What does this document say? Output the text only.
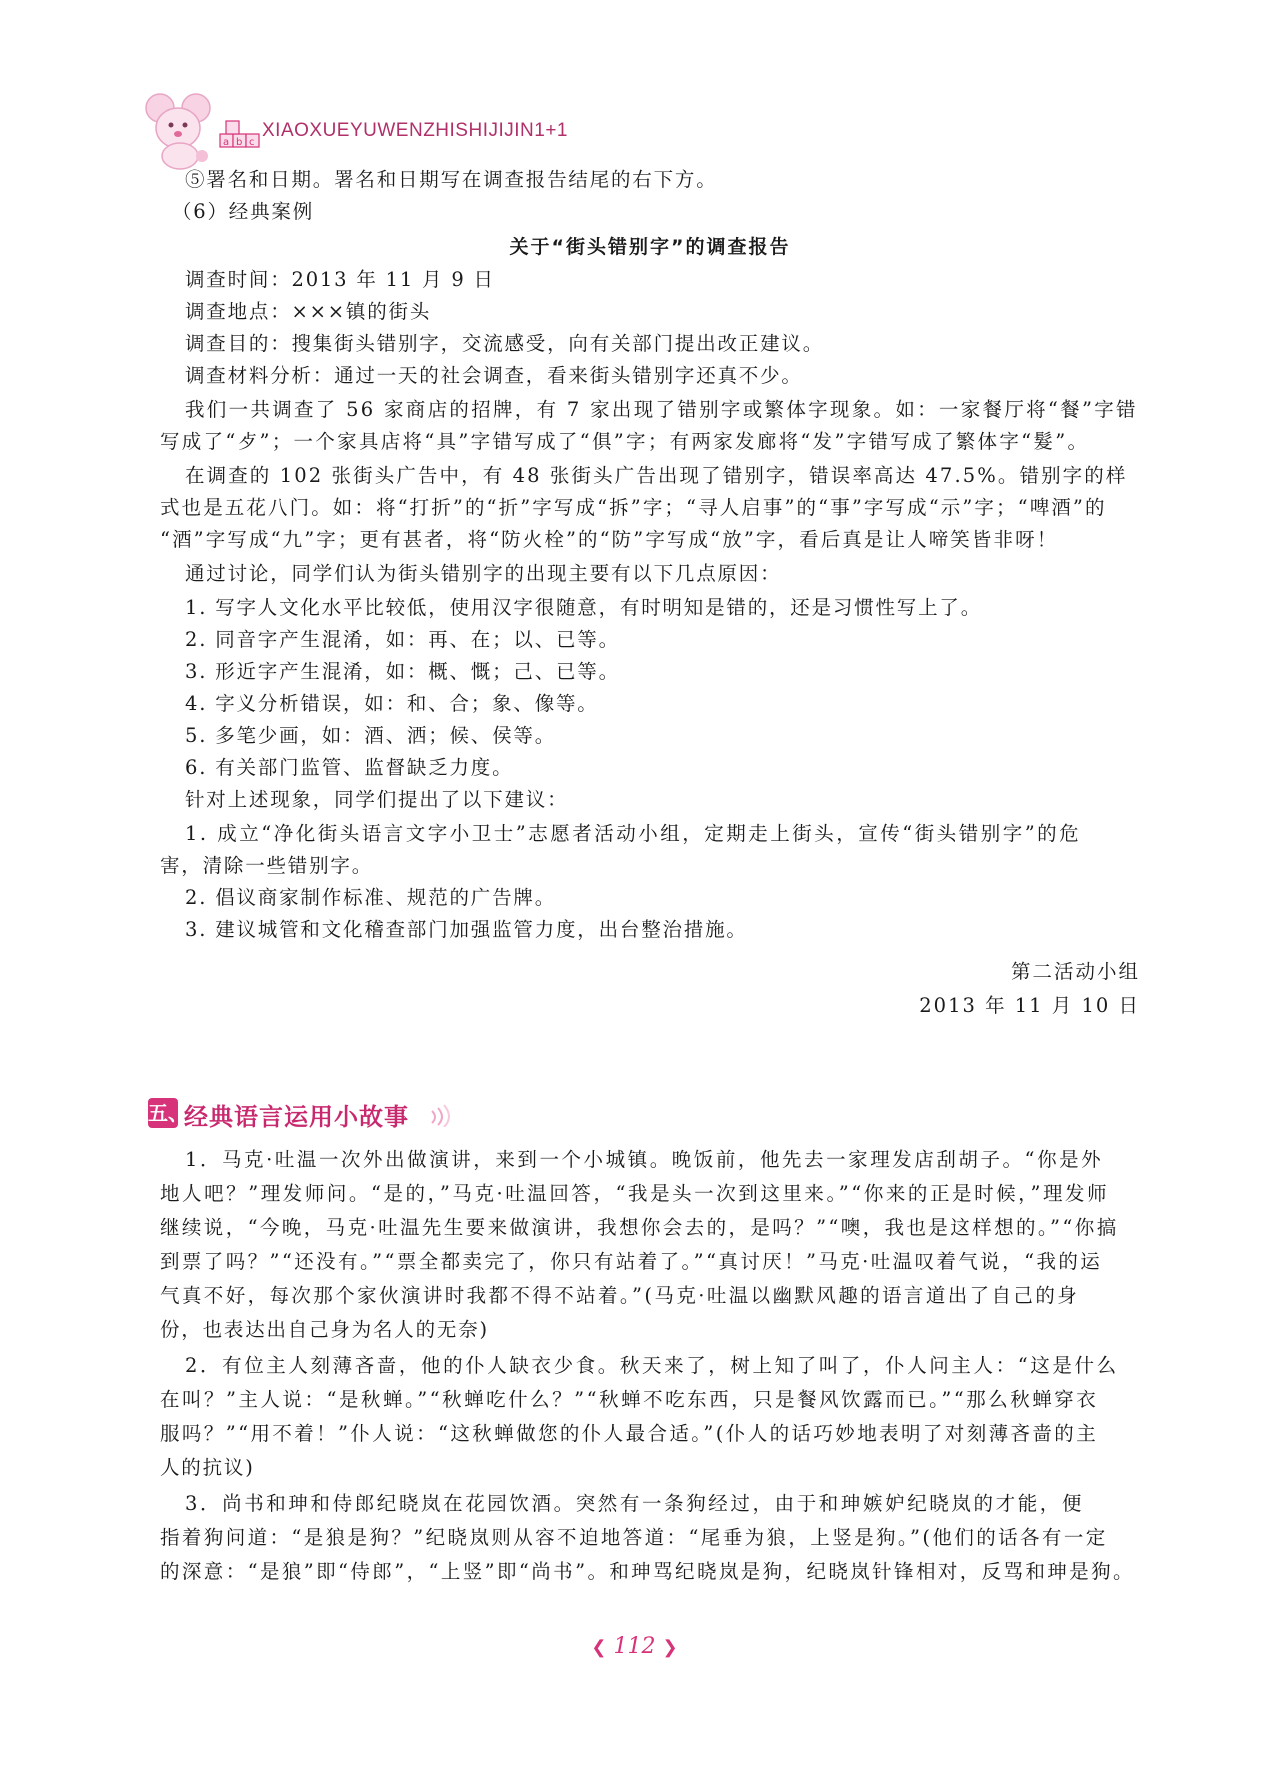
a b c
XIAOXUEYUWENZHISHIJIJIN1+1
⑤署名和日期。署名和日期写在调查报告结尾的右下方。
（6）经典案例
关于“街头错别字”的调查报告
调查时间：2013 年 11 月 9 日
调查地点：×××镇的街头
调查目的：搜集街头错别字，交流感受，向有关部门提出改正建议。
调查材料分析：通过一天的社会调查，看来街头错别字还真不少。
我们一共调查了 56 家商店的招牌，有 7 家出现了错别字或繁体字现象。如：一家餐厅将“餐”字错
写成了“歺”；一个家具店将“具”字错写成了“俱”字；有两家发廊将“发”字错写成了繁体字“髮”。
在调查的 102 张街头广告中，有 48 张街头广告出现了错别字，错误率高达 47.5%。错别字的样
式也是五花八门。如：将“打折”的“折”字写成“拆”字；“寻人启事”的“事”字写成“示”字；“啤酒”的
“酒”字写成“九”字；更有甚者，将“防火栓”的“防”字写成“放”字，看后真是让人啼笑皆非呀！
通过讨论，同学们认为街头错别字的出现主要有以下几点原因：
1. 写字人文化水平比较低，使用汉字很随意，有时明知是错的，还是习惯性写上了。
2. 同音字产生混淆，如：再、在；以、已等。
3. 形近字产生混淆，如：概、慨；己、已等。
4. 字义分析错误，如：和、合；象、像等。
5. 多笔少画，如：酒、洒；候、侯等。
6. 有关部门监管、监督缺乏力度。
针对上述现象，同学们提出了以下建议：
1. 成立“净化街头语言文字小卫士”志愿者活动小组，定期走上街头，宣传“街头错别字”的危
害，清除一些错别字。
2. 倡议商家制作标准、规范的广告牌。
3. 建议城管和文化稽查部门加强监管力度，出台整治措施。
第二活动小组
2013 年 11 月 10 日
五、
经典语言运用小故事
1．马克·吐温一次外出做演讲，来到一个小城镇。晚饭前，他先去一家理发店刮胡子。“你是外
地人吧？”理发师问。“是的，”马克·吐温回答，“我是头一次到这里来。”“你来的正是时候，”理发师
继续说，“今晚，马克·吐温先生要来做演讲，我想你会去的，是吗？”“噢，我也是这样想的。”“你搞
到票了吗？”“还没有。”“票全都卖完了，你只有站着了。”“真讨厌！”马克·吐温叹着气说，“我的运
气真不好，每次那个家伙演讲时我都不得不站着。”(马克·吐温以幽默风趣的语言道出了自己的身
份，也表达出自己身为名人的无奈)
2．有位主人刻薄吝啬，他的仆人缺衣少食。秋天来了，树上知了叫了，仆人问主人：“这是什么
在叫？”主人说：“是秋蝉。”“秋蝉吃什么？”“秋蝉不吃东西，只是餐风饮露而已。”“那么秋蝉穿衣
服吗？”“用不着！”仆人说：“这秋蝉做您的仆人最合适。”(仆人的话巧妙地表明了对刻薄吝啬的主
人的抗议)
3．尚书和珅和侍郎纪晓岚在花园饮酒。突然有一条狗经过，由于和珅嫉妒纪晓岚的才能，便
指着狗问道：“是狼是狗？”纪晓岚则从容不迫地答道：“尾垂为狼，上竖是狗。”(他们的话各有一定
的深意：“是狼”即“侍郎”，“上竖”即“尚书”。和珅骂纪晓岚是狗，纪晓岚针锋相对，反骂和珅是狗。
❮ 112 ❯
